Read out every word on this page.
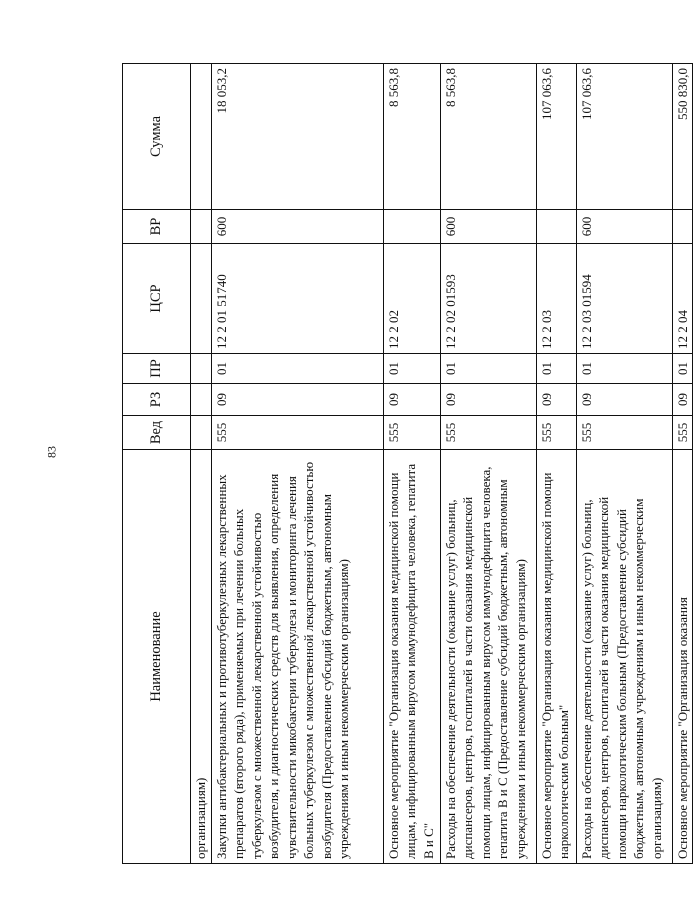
83
Наименование	Вед	РЗ	ПР	ЦСР	ВР	Сумма
организациям)						
Закупки антибактериальных и противотуберкулезных лекарственных препаратов (второго ряда), применяемых при лечении больных туберкулезом с множественной лекарственной устойчивостью возбудителя, и диагностических средств для выявления, определения чувствительности микобактерии туберкулеза и мониторинга лечения больных туберкулезом с множественной лекарственной устойчивостью возбудителя (Предоставление субсидий бюджетным, автономным учреждениям и иным некоммерческим организациям)	555	09	01	12 2 01 51740	600	18 053,2
Основное мероприятие "Организация оказания медицинской помощи лицам, инфицированным вирусом иммунодефицита человека, гепатита В и С"	555	09	01	12 2 02		8 563,8
Расходы на обеспечение деятельности (оказание услуг) больниц, диспансеров, центров, госпиталей в части оказания медицинской помощи лицам, инфицированным вирусом иммунодефицита человека, гепатита В и С (Предоставление субсидий бюджетным, автономным учреждениям и иным некоммерческим организациям)	555	09	01	12 2 02 01593	600	8 563,8
Основное мероприятие "Организация оказания медицинской помощи наркологическим больным"	555	09	01	12 2 03		107 063,6
Расходы на обеспечение деятельности (оказание услуг) больниц, диспансеров, центров, госпиталей в части оказания медицинской помощи наркологическим больным (Предоставление субсидий бюджетным, автономным учреждениям и иным некоммерческим организациям)	555	09	01	12 2 03 01594	600	107 063,6
Основное мероприятие "Организация оказания	555	09	01	12 2 04		550 830,0
